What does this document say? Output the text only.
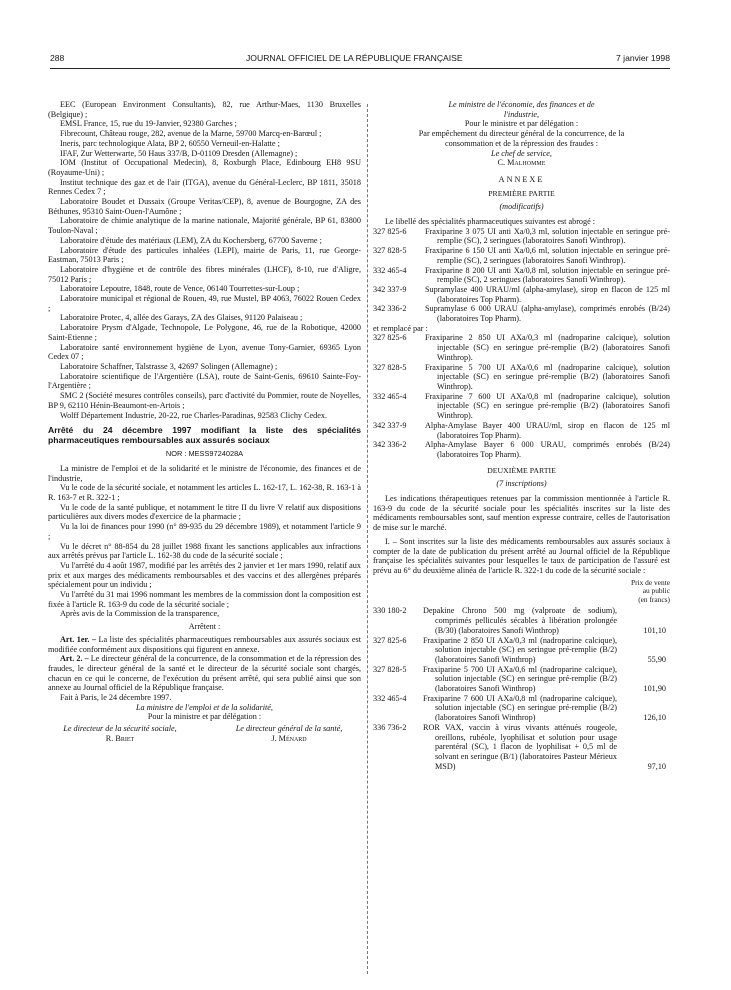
288	JOURNAL OFFICIEL DE LA RÉPUBLIQUE FRANÇAISE	7 janvier 1998

EEC (European Environment Consultants), 82, rue Arthur-Maes, 1130 Bruxelles (Belgique) ;

EMSL France, 15, rue du 19-Janvier, 92380 Garches ;

Fibrecount, Château rouge, 282, avenue de la Marne, 59700 Marcq-en-Barœul ;

Ineris, parc technologique Alata, BP 2, 60550 Verneuil-en-Halatte ;

IFAF, Zur Wetterwarte, 50 Haus 337/B, D-01109 Dresden (Allemagne) ;

IOM (Institut of Occupational Medecin), 8, Roxburgh Place, Edinbourg EH8 9SU (Royaume-Uni) ;

Institut technique des gaz et de l'air (ITGA), avenue du Général-Leclerc, BP 1811, 35018 Rennes Cedex 7 ;

Laboratoire Boudet et Dussaix (Groupe Veritas/CEP), 8, avenue de Bourgogne, ZA des Béthunes, 95310 Saint-Ouen-l'Aumône ;

Laboratoire de chimie analytique de la marine nationale, Majorité générale, BP 61, 83800 Toulon-Naval ;

Laboratoire d'étude des matériaux (LEM), ZA du Kochersberg, 67700 Saverne ;

Laboratoire d'étude des particules inhalées (LEPI), mairie de Paris, 11, rue George-Eastman, 75013 Paris ;

Laboratoire d'hygiène et de contrôle des fibres minérales (LHCF), 8-10, rue d'Aligre, 75012 Paris ;

Laboratoire Lepoutre, 1848, route de Vence, 06140 Tourrettes-sur-Loup ;

Laboratoire municipal et régional de Rouen, 49, rue Mustel, BP 4063, 76022 Rouen Cedex ;

Laboratoire Protec, 4, allée des Garays, ZA des Glaises, 91120 Palaiseau ;

Laboratoire Prysm d'Algade, Technopole, Le Polygone, 46, rue de la Robotique, 42000 Saint-Etienne ;

Laboratoire santé environnement hygiène de Lyon, avenue Tony-Garnier, 69365 Lyon Cedex 07 ;

Laboratoire Schaffner, Talstrasse 3, 42697 Solingen (Allemagne) ;

Laboratoire scientifique de l'Argentière (LSA), route de Saint-Genis, 69610 Sainte-Foy-l'Argentière ;

SMC 2 (Société mesures contrôles conseils), parc d'activité du Pommier, route de Noyelles, BP 9, 62110 Hénin-Beaumont-en-Artois ;

Wolff Département Industrie, 20-22, rue Charles-Paradinas, 92583 Clichy Cedex.

Arrêté du 24 décembre 1997 modifiant la liste des spécialités pharmaceutiques remboursables aux assurés sociaux

NOR : MESS9724028A

La ministre de l'emploi et de la solidarité et le ministre de l'économie, des finances et de l'industrie,

Vu le code de la sécurité sociale, et notamment les articles L. 162-17, L. 162-38, R. 163-1 à R. 163-7 et R. 322-1 ;

Vu le code de la santé publique, et notamment le titre II du livre V relatif aux dispositions particulières aux divers modes d'exercice de la pharmacie ;

Vu la loi de finances pour 1990 (n° 89-935 du 29 décembre 1989), et notamment l'article 9 ;

Vu le décret n° 88-854 du 28 juillet 1988 fixant les sanctions applicables aux infractions aux arrêtés prévus par l'article L. 162-38 du code de la sécurité sociale ;

Vu l'arrêté du 4 août 1987, modifié par les arrêtés des 2 janvier et 1er mars 1990, relatif aux prix et aux marges des médicaments remboursables et des vaccins et des allergènes préparés spécialement pour un individu ;

Vu l'arrêté du 31 mai 1996 nommant les membres de la commission dont la composition est fixée à l'article R. 163-9 du code de la sécurité sociale ;

Après avis de la Commission de la transparence,

Arrêtent :

Art. 1er. – La liste des spécialités pharmaceutiques remboursables aux assurés sociaux est modifiée conformément aux dispositions qui figurent en annexe.

Art. 2. – Le directeur général de la concurrence, de la consommation et de la répression des fraudes, le directeur général de la santé et le directeur de la sécurité sociale sont chargés, chacun en ce qui le concerne, de l'exécution du présent arrêté, qui sera publié ainsi que son annexe au Journal officiel de la République française.

Fait à Paris, le 24 décembre 1997.

La ministre de l'emploi et de la solidarité,

Pour la ministre et par délégation :

Le directeur de la sécurité sociale,

R. Briet

Le directeur général de la santé,

J. Ménard

Le ministre de l'économie, des finances et de l'industrie,

Pour le ministre et par délégation :

Par empêchement du directeur général de la concurrence, de la consommation et de la répression des fraudes :

Le chef de service,

C. Malhomme

ANNEXE

PREMIÈRE PARTIE

(modificatifs)

Le libellé des spécialités pharmaceutiques suivantes est abrogé :

327 825-6	Fraxiparine 3 075 UI anti Xa/0,3 ml, solution injectable en seringue pré-remplie (SC), 2 seringues (laboratoires Sanofi Winthrop).
327 828-5	Fraxiparine 6 150 UI anti Xa/0,6 ml, solution injectable en seringue pré-remplie (SC), 2 seringues (laboratoires Sanofi Winthrop).
332 465-4	Fraxiparine 8 200 UI anti Xa/0,8 ml, solution injectable en seringue pré-remplie (SC), 2 seringues (laboratoires Sanofi Winthrop).
342 337-9	Supramylase 400 URAU/ml (alpha-amylase), sirop en flacon de 125 ml (laboratoires Top Pharm).
342 336-2	Supramylase 6 000 URAU (alpha-amylase), comprimés enrobés (B/24) (laboratoires Top Pharm).

et remplacé par :

327 825-6	Fraxiparine 2 850 UI AXa/0,3 ml (nadroparine calcique), solution injectable (SC) en seringue pré-remplie (B/2) (laboratoires Sanofi Winthrop).
327 828-5	Fraxiparine 5 700 UI AXa/0,6 ml (nadroparine calcique), solution injectable (SC) en seringue pré-remplie (B/2) (laboratoires Sanofi Winthrop).
332 465-4	Fraxiparine 7 600 UI AXa/0,8 ml (nadroparine calcique), solution injectable (SC) en seringue pré-remplie (B/2) (laboratoires Sanofi Winthrop).
342 337-9	Alpha-Amylase Bayer 400 URAU/ml, sirop en flacon de 125 ml (laboratoires Top Pharm).
342 336-2	Alpha-Amylase Bayer 6 000 URAU, comprimés enrobés (B/24) (laboratoires Top Pharm).

DEUXIÈME PARTIE

(7 inscriptions)

Les indications thérapeutiques retenues par la commission mentionnée à l'article R. 163-9 du code de la sécurité sociale pour les spécialités inscrites sur la liste des médicaments remboursables sont, sauf mention expresse contraire, celles de l'autorisation de mise sur le marché.

I. – Sont inscrites sur la liste des médicaments remboursables aux assurés sociaux à compter de la date de publication du présent arrêté au Journal officiel de la République française les spécialités suivantes pour lesquelles le taux de participation de l'assuré est prévu au 6° du deuxième alinéa de l'article R. 322-1 du code de la sécurité sociale :

Prix de vente
au public
(en francs)
330 180-2	Depakine Chrono 500 mg (valproate de sodium), comprimés pelliculés sécables à libération prolongée (B/30) (laboratoires Sanofi Winthrop)	101,10
327 825-6	Fraxiparine 2 850 UI AXa/0,3 ml (nadroparine calcique), solution injectable (SC) en seringue pré-remplie (B/2) (laboratoires Sanofi Winthrop)	55,90
327 828-5	Fraxiparine 5 700 UI AXa/0,6 ml (nadroparine calcique), solution injectable (SC) en seringue pré-remplie (B/2) (laboratoires Sanofi Winthrop)	101,90
332 465-4	Fraxiparine 7 600 UI AXa/0,8 ml (nadroparine calcique), solution injectable (SC) en seringue pré-remplie (B/2) (laboratoires Sanofi Winthrop)	126,10
336 736-2	ROR VAX, vaccin à virus vivants atténués rougeole, oreillons, rubéole, lyophilisat et solution pour usage parentéral (SC), 1 flacon de lyophilisat + 0,5 ml de solvant en seringue (B/1) (laboratoires Pasteur Mérieux MSD)	97,10
